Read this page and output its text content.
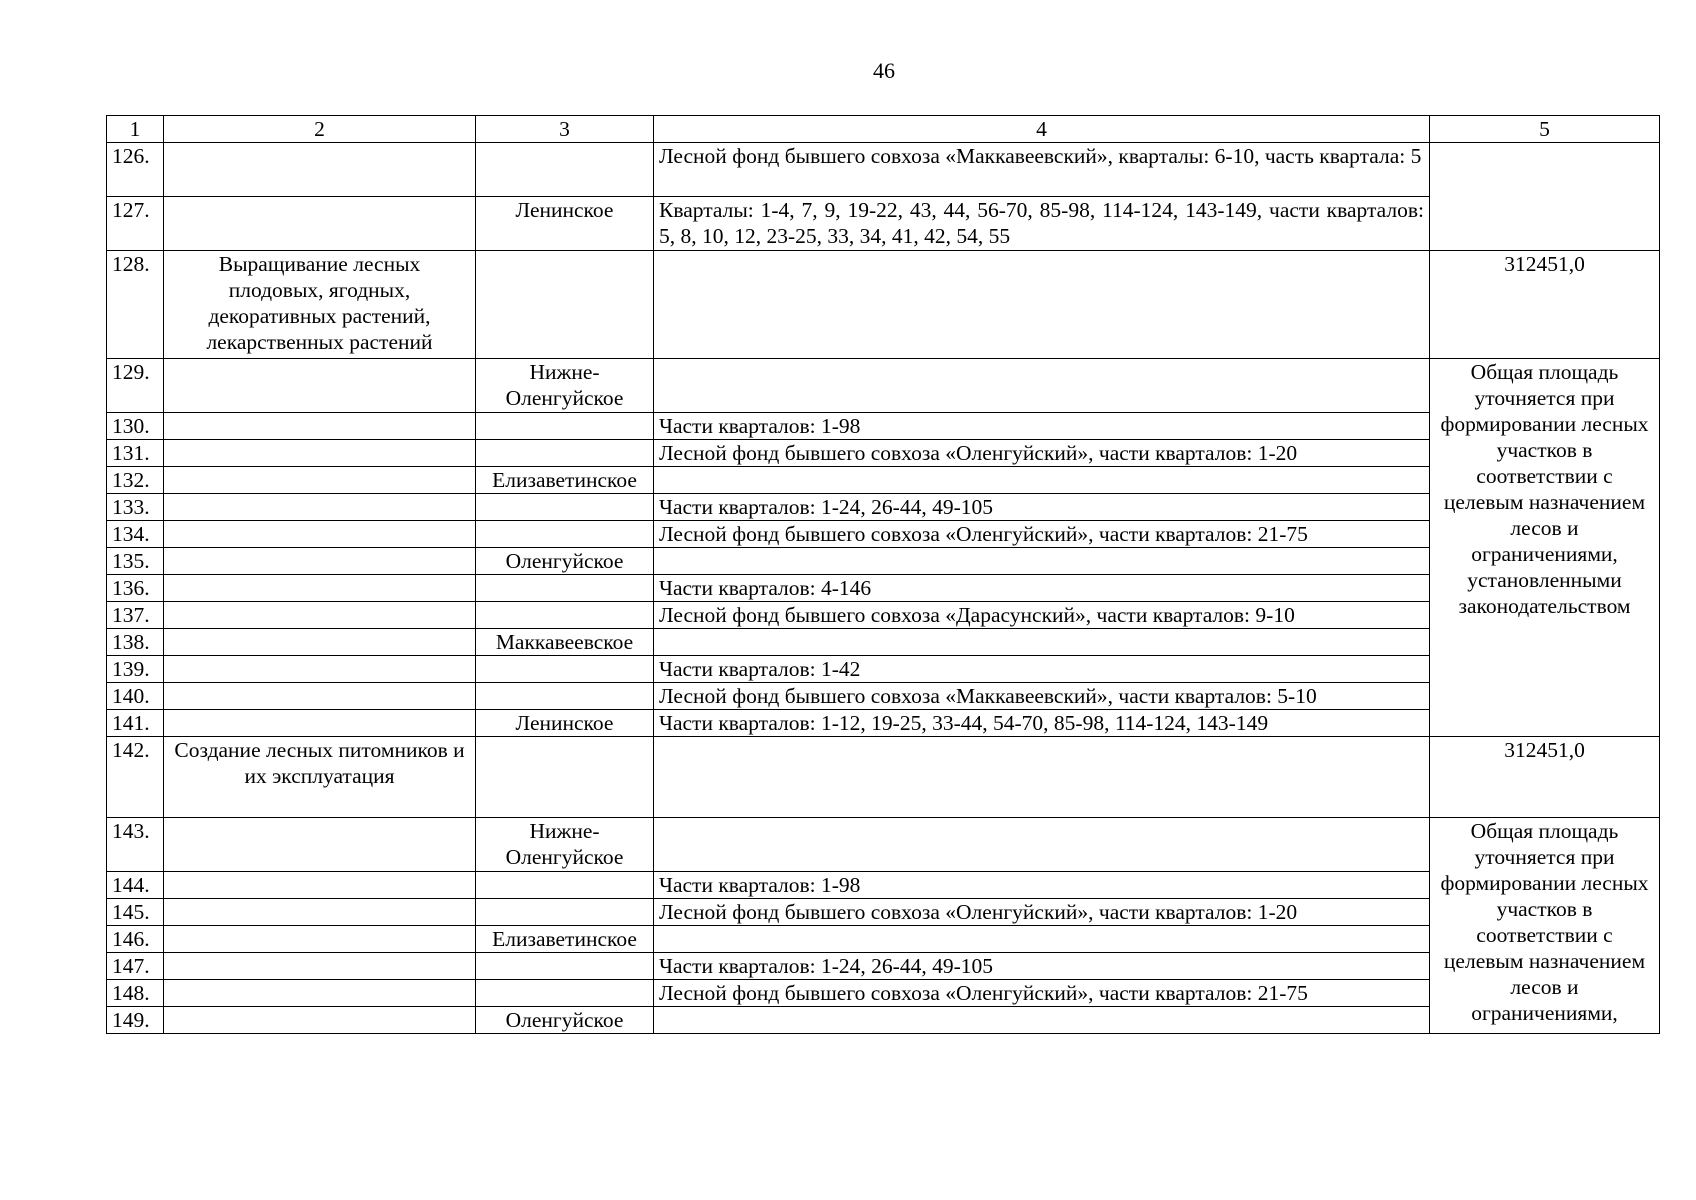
46
1	2	3	4	5
126.			Лесной фонд бывшего совхоза «Маккавеевский», кварталы: 6-10, часть квартала: 5	
127.		Ленинское	Кварталы: 1-4, 7, 9, 19-22, 43, 44, 56-70, 85-98, 114-124, 143-149, части кварталов: 5, 8, 10, 12, 23-25, 33, 34, 41, 42, 54, 55	
128.	Выращивание лесных плодовых, ягодных, декоративных растений, лекарственных растений			312451,0
129.		Нижне-Оленгуйское		Общая площадь уточняется при формировании лесных участков в соответствии с целевым назначением лесов и ограничениями, установленными законодательством
130.			Части кварталов: 1-98	
131.			Лесной фонд бывшего совхоза «Оленгуйский», части кварталов: 1-20	
132.		Елизаветинское		
133.			Части кварталов: 1-24, 26-44, 49-105	
134.			Лесной фонд бывшего совхоза «Оленгуйский», части кварталов: 21-75	
135.		Оленгуйское		
136.			Части кварталов: 4-146	
137.			Лесной фонд бывшего совхоза «Дарасунский», части кварталов: 9-10	
138.		Маккавеевское		
139.			Части кварталов: 1-42	
140.			Лесной фонд бывшего совхоза «Маккавеевский», части кварталов: 5-10	
141.		Ленинское	Части кварталов: 1-12, 19-25, 33-44, 54-70, 85-98, 114-124, 143-149	
142.	Создание лесных питомников и их эксплуатация			312451,0
143.		Нижне-Оленгуйское		Общая площадь уточняется при формировании лесных участков в соответствии с целевым назначением лесов и ограничениями,
144.			Части кварталов: 1-98	
145.			Лесной фонд бывшего совхоза «Оленгуйский», части кварталов: 1-20	
146.		Елизаветинское		
147.			Части кварталов: 1-24, 26-44, 49-105	
148.			Лесной фонд бывшего совхоза «Оленгуйский», части кварталов: 21-75	
149.		Оленгуйское		
